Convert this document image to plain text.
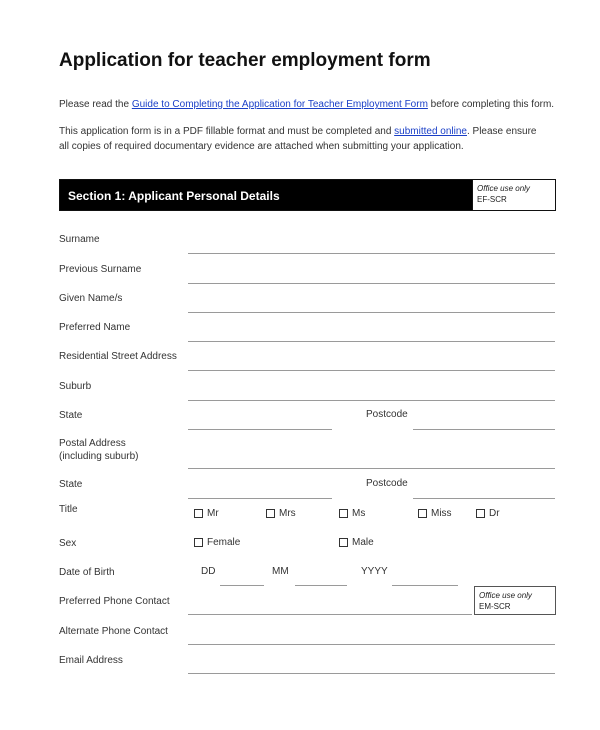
Application for teacher employment form
Please read the Guide to Completing the Application for Teacher Employment Form before completing this form.
This application form is in a PDF fillable format and must be completed and submitted online. Please ensure all copies of required documentary evidence are attached when submitting your application.
Section 1: Applicant Personal Details
Office use only
EF-SCR
Surname
Previous Surname
Given Name/s
Preferred Name
Residential Street Address
Suburb
State	Postcode
Postal Address
(including suburb)
State	Postcode
Title	Mr	Mrs	Ms	Miss	Dr
Sex	Female	Male
Date of Birth	DD	MM	YYYY
Preferred Phone Contact
Office use only
EM-SCR
Alternate Phone Contact
Email Address
